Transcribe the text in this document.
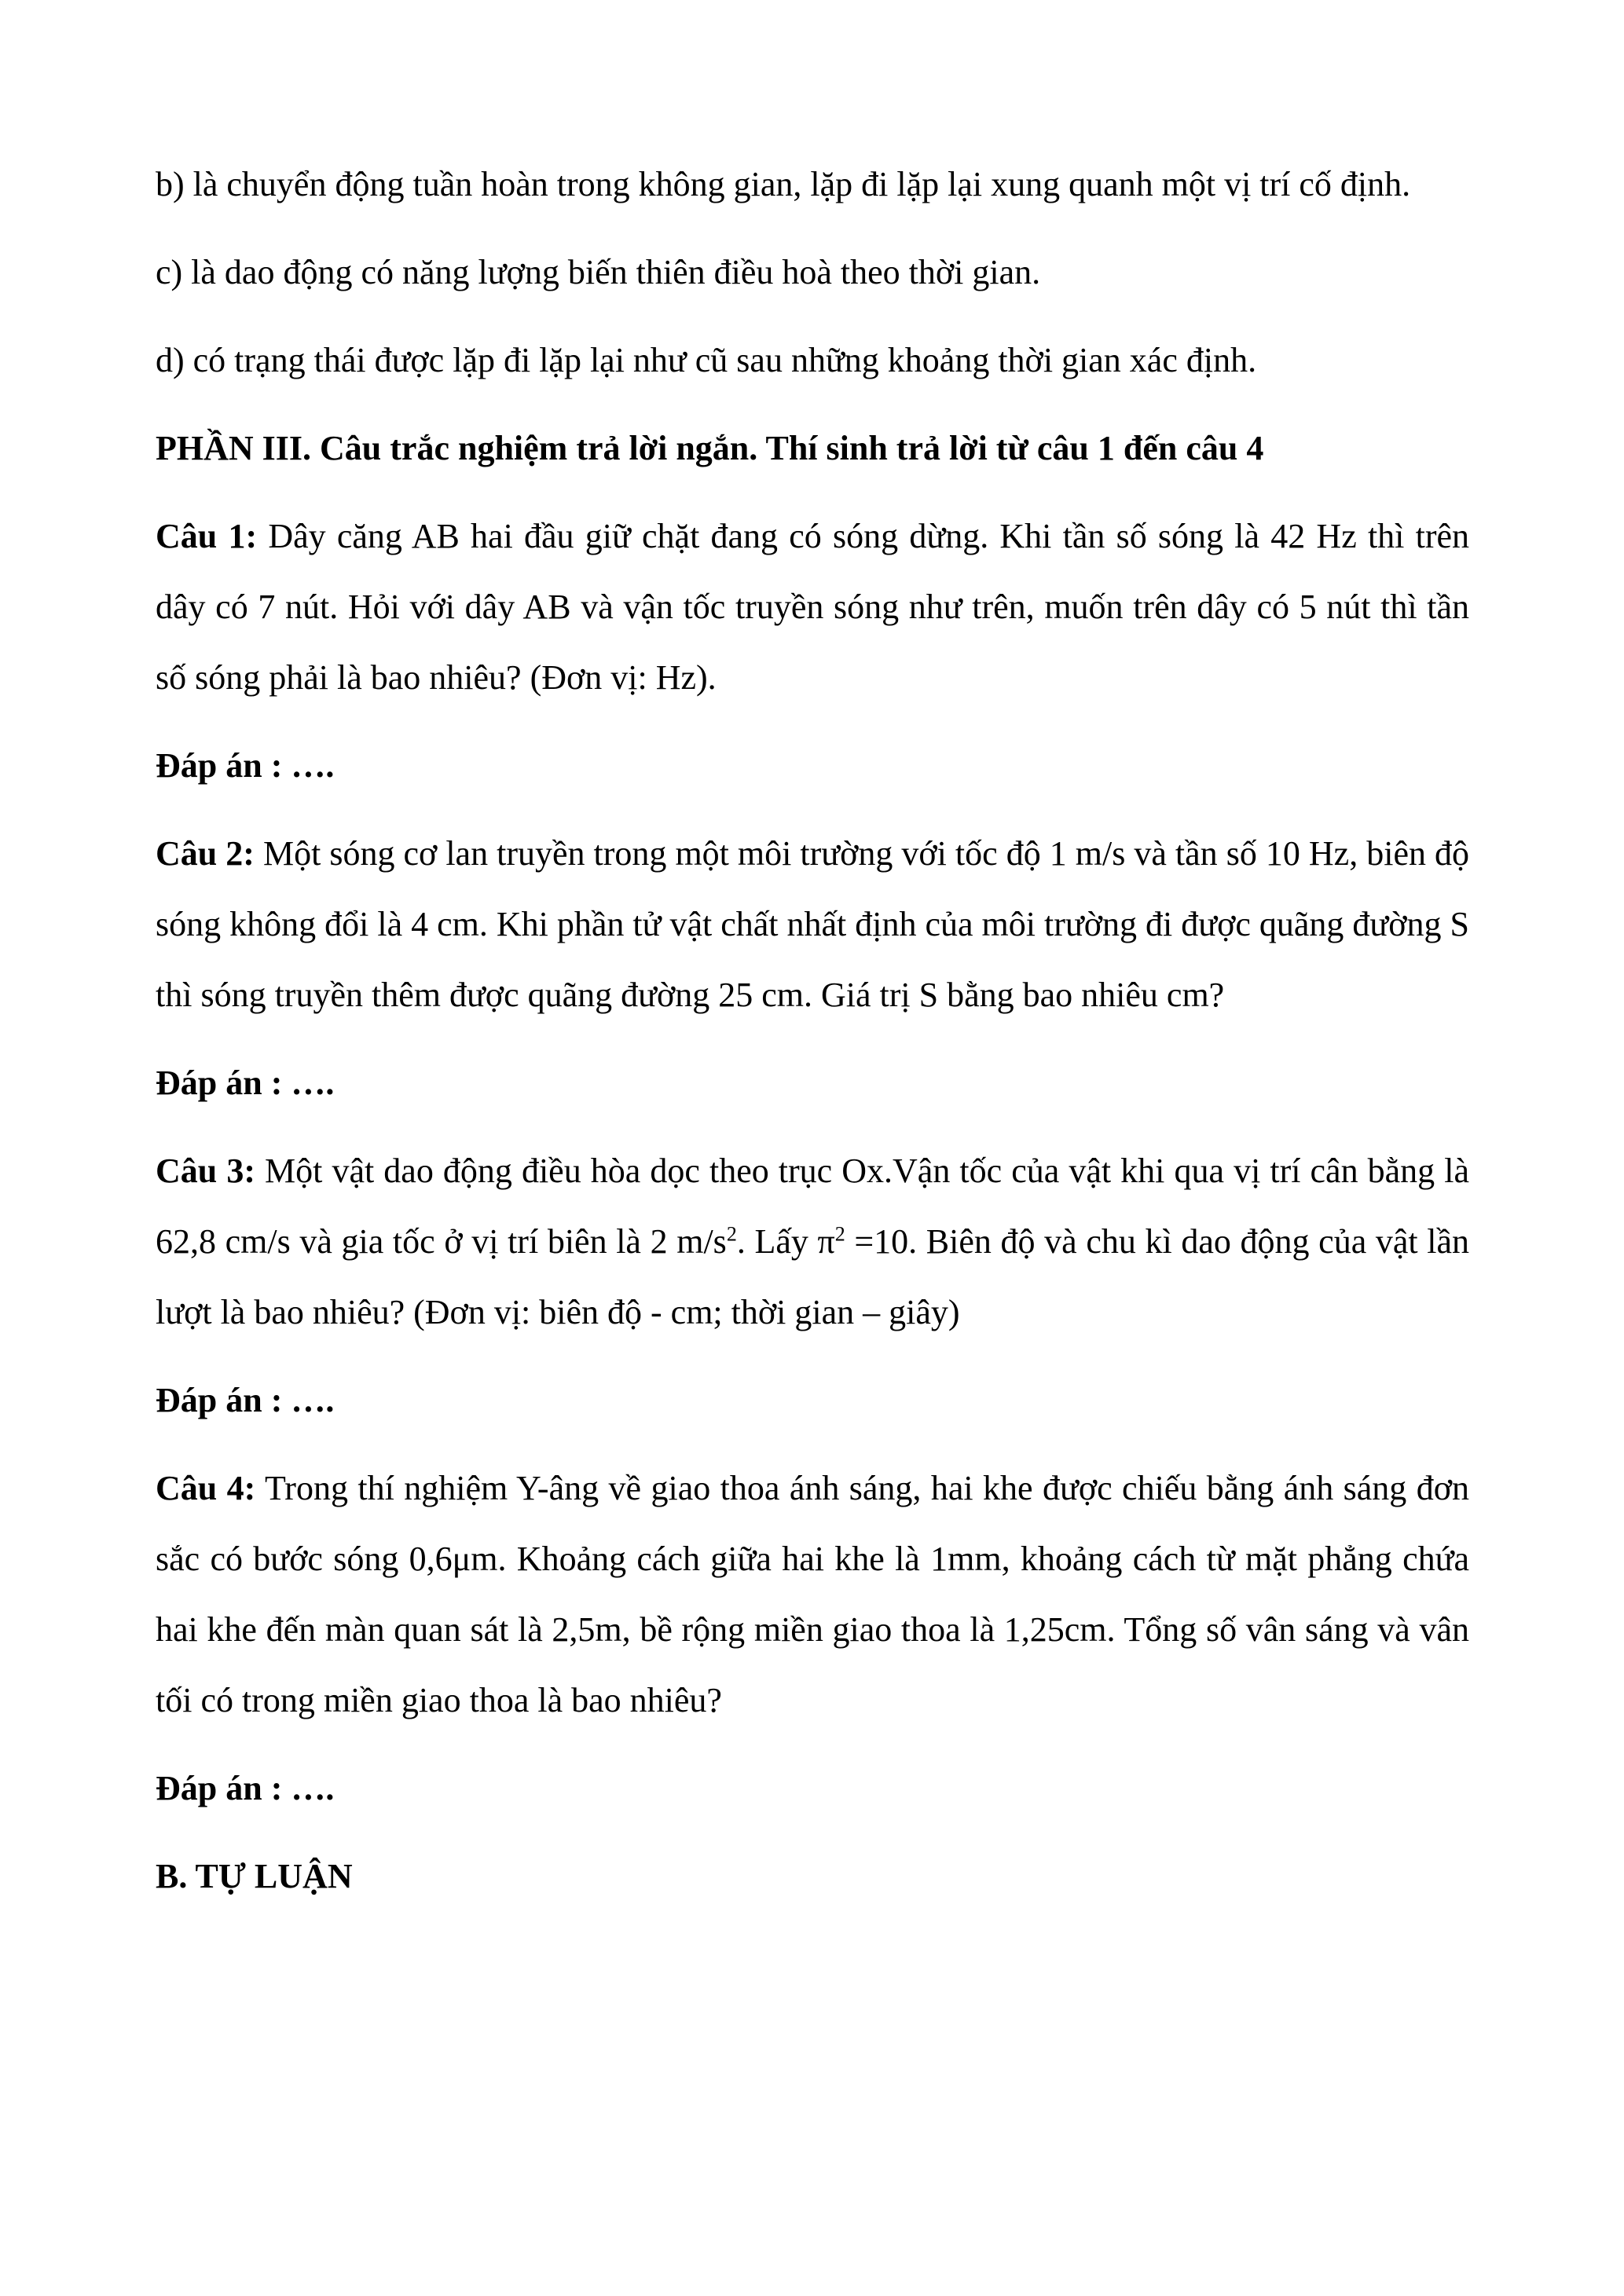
b) là chuyển động tuần hoàn trong không gian, lặp đi lặp lại xung quanh một vị trí cố định.

c) là dao động có năng lượng biến thiên điều hoà theo thời gian.

d) có trạng thái được lặp đi lặp lại như cũ sau những khoảng thời gian xác định.

PHẦN III. Câu trắc nghiệm trả lời ngắn. Thí sinh trả lời từ câu 1 đến câu 4

Câu 1: Dây căng AB hai đầu giữ chặt đang có sóng dừng. Khi tần số sóng là 42 Hz thì trên dây có 7 nút. Hỏi với dây AB và vận tốc truyền sóng như trên, muốn trên dây có 5 nút thì tần số sóng phải là bao nhiêu? (Đơn vị: Hz).

Đáp án : ….

Câu 2: Một sóng cơ lan truyền trong một môi trường với tốc độ 1 m/s và tần số 10 Hz, biên độ sóng không đổi là 4 cm. Khi phần tử vật chất nhất định của môi trường đi được quãng đường S thì sóng truyền thêm được quãng đường 25 cm. Giá trị S bằng bao nhiêu cm?

Đáp án : ….

Câu 3: Một vật dao động điều hòa dọc theo trục Ox.Vận tốc của vật khi qua vị trí cân bằng là 62,8 cm/s và gia tốc ở vị trí biên là 2 $m/s^2$. Lấy $\pi^2 =10$. Biên độ và chu kì dao động của vật lần lượt là bao nhiêu? (Đơn vị: biên độ - cm; thời gian – giây)

Đáp án : ….

Câu 4: Trong thí nghiệm Y-âng về giao thoa ánh sáng, hai khe được chiếu bằng ánh sáng đơn sắc có bước sóng 0,6μm. Khoảng cách giữa hai khe là 1mm, khoảng cách từ mặt phẳng chứa hai khe đến màn quan sát là 2,5m, bề rộng miền giao thoa là 1,25cm. Tổng số vân sáng và vân tối có trong miền giao thoa là bao nhiêu?

Đáp án : ….

B. TỰ LUẬN
